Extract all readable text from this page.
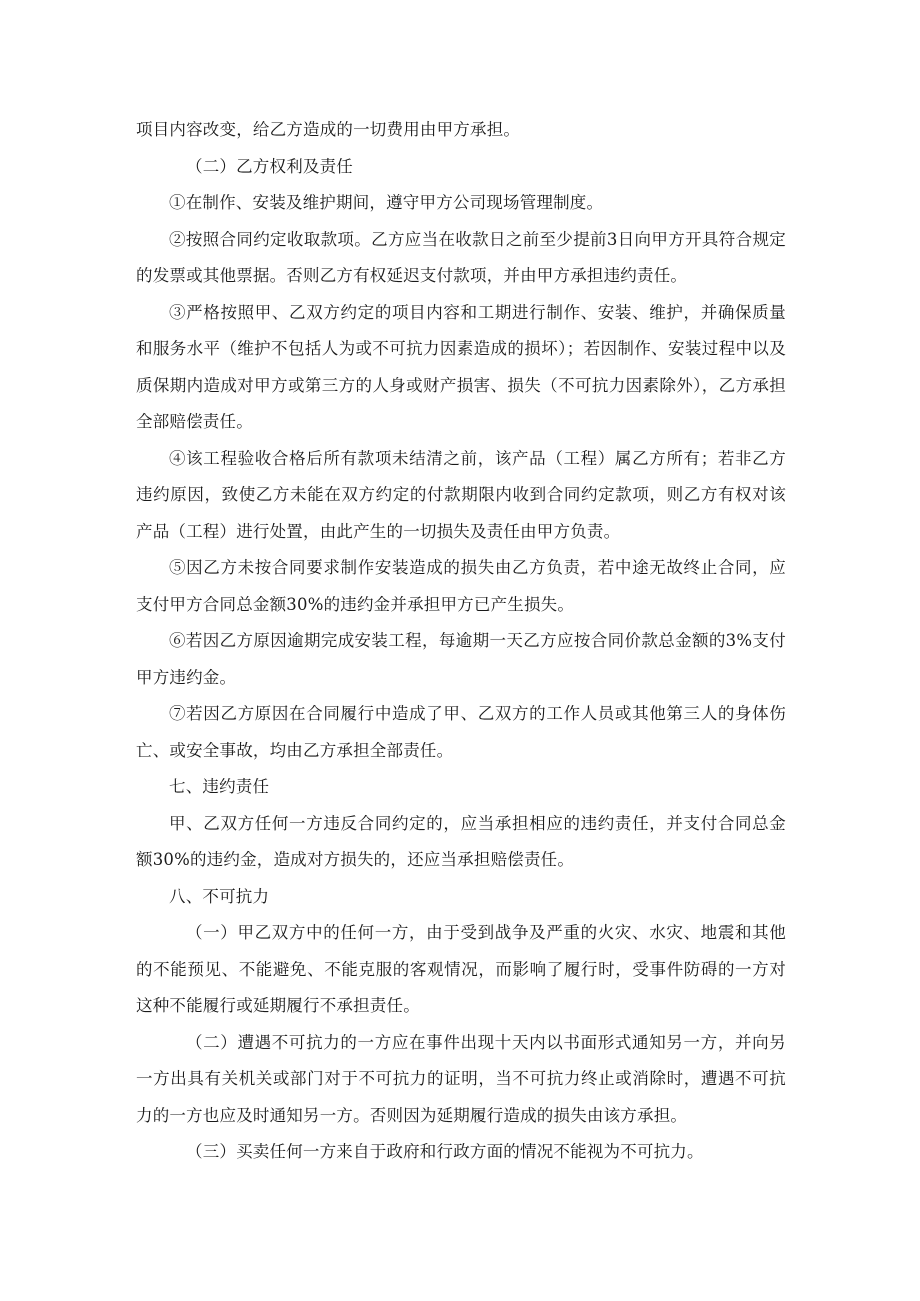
项目内容改变，给乙方造成的一切费用由甲方承担。

（二）乙方权利及责任

①在制作、安装及维护期间，遵守甲方公司现场管理制度。

②按照合同约定收取款项。乙方应当在收款日之前至少提前3日向甲方开具符合规定的发票或其他票据。否则乙方有权延迟支付款项，并由甲方承担违约责任。

③严格按照甲、乙双方约定的项目内容和工期进行制作、安装、维护，并确保质量和服务水平（维护不包括人为或不可抗力因素造成的损坏）；若因制作、安装过程中以及质保期内造成对甲方或第三方的人身或财产损害、损失（不可抗力因素除外），乙方承担全部赔偿责任。

④该工程验收合格后所有款项未结清之前，该产品（工程）属乙方所有；若非乙方违约原因，致使乙方未能在双方约定的付款期限内收到合同约定款项，则乙方有权对该产品（工程）进行处置，由此产生的一切损失及责任由甲方负责。

⑤因乙方未按合同要求制作安装造成的损失由乙方负责，若中途无故终止合同，应支付甲方合同总金额30%的违约金并承担甲方已产生损失。

⑥若因乙方原因逾期完成安装工程，每逾期一天乙方应按合同价款总金额的3%支付甲方违约金。

⑦若因乙方原因在合同履行中造成了甲、乙双方的工作人员或其他第三人的身体伤亡、或安全事故，均由乙方承担全部责任。

七、违约责任

甲、乙双方任何一方违反合同约定的，应当承担相应的违约责任，并支付合同总金额30%的违约金，造成对方损失的，还应当承担赔偿责任。

八、不可抗力

（一）甲乙双方中的任何一方，由于受到战争及严重的火灾、水灾、地震和其他的不能预见、不能避免、不能克服的客观情况，而影响了履行时，受事件防碍的一方对这种不能履行或延期履行不承担责任。

（二）遭遇不可抗力的一方应在事件出现十天内以书面形式通知另一方，并向另一方出具有关机关或部门对于不可抗力的证明，当不可抗力终止或消除时，遭遇不可抗力的一方也应及时通知另一方。否则因为延期履行造成的损失由该方承担。

（三）买卖任何一方来自于政府和行政方面的情况不能视为不可抗力。
